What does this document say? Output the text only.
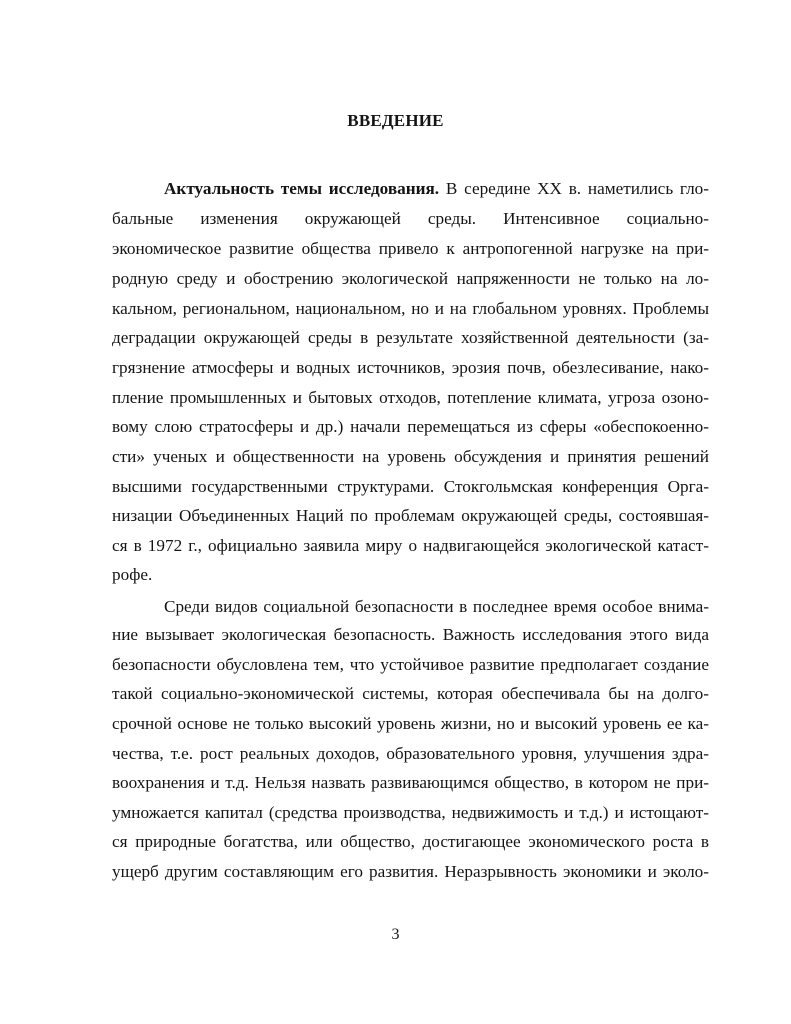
ВВЕДЕНИЕ
Актуальность темы исследования. В середине XX в. наметились гло-
бальные изменения окружающей среды. Интенсивное социально-
экономическое развитие общества привело к антропогенной нагрузке на при-
родную среду и обострению экологической напряженности не только на ло-
кальном, региональном, национальном, но и на глобальном уровнях. Проблемы
деградации окружающей среды в результате хозяйственной деятельности (за-
грязнение атмосферы и водных источников, эрозия почв, обезлесивание, нако-
пление промышленных и бытовых отходов, потепление климата, угроза озоно-
вому слою стратосферы и др.) начали перемещаться из сферы «обеспокоенно-
сти» ученых и общественности на уровень обсуждения и принятия решений
высшими государственными структурами. Стокгольмская конференция Орга-
низации Объединенных Наций по проблемам окружающей среды, состоявшая-
ся в 1972 г., официально заявила миру о надвигающейся экологической катаст-
рофе.
Среди видов социальной безопасности в последнее время особое внима-
ние вызывает экологическая безопасность. Важность исследования этого вида
безопасности обусловлена тем, что устойчивое развитие предполагает создание
такой социально-экономической системы, которая обеспечивала бы на долго-
срочной основе не только высокий уровень жизни, но и высокий уровень ее ка-
чества, т.е. рост реальных доходов, образовательного уровня, улучшения здра-
воохранения и т.д. Нельзя назвать развивающимся общество, в котором не при-
умножается капитал (средства производства, недвижимость и т.д.) и истощают-
ся природные богатства, или общество, достигающее экономического роста в
ущерб другим составляющим его развития. Неразрывность экономики и эколо-
3
